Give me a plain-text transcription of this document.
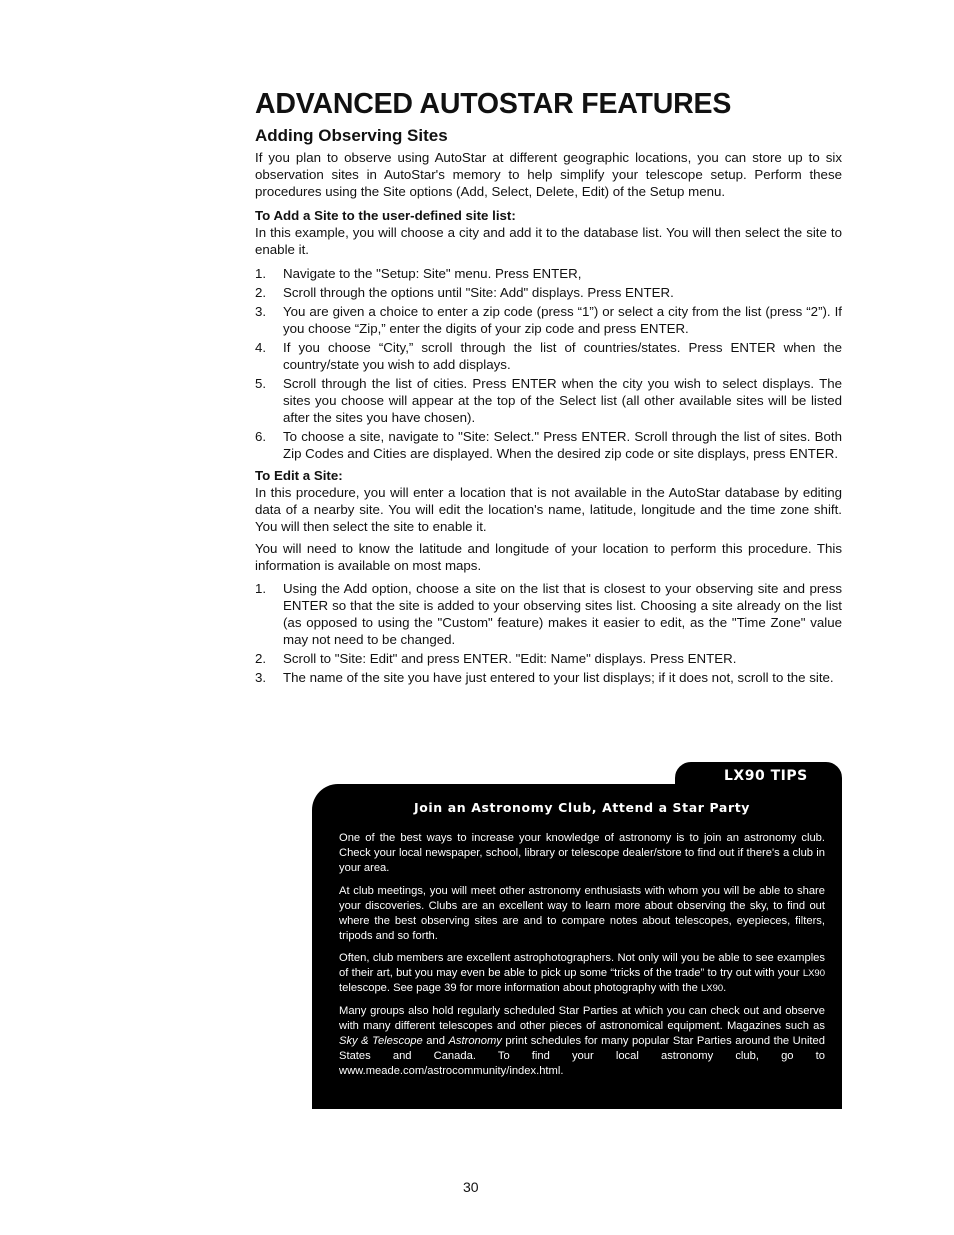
ADVANCED AUTOSTAR FEATURES
Adding Observing Sites

If you plan to observe using AutoStar at different geographic locations, you can store up to six observation sites in AutoStar's memory to help simplify your telescope setup. Perform these procedures using the Site options (Add, Select, Delete, Edit) of the Setup menu.

To Add a Site to the user-defined site list:
In this example, you will choose a city and add it to the database list. You will then select the site to enable it.
1. Navigate to the "Setup: Site" menu. Press ENTER,
2. Scroll through the options until "Site: Add" displays. Press ENTER.
3. You are given a choice to enter a zip code (press “1”) or select a city from the list (press “2”). If you choose “Zip,” enter the digits of your zip code and press ENTER.
4. If you choose “City,” scroll through the list of countries/states. Press ENTER when the country/state you wish to add displays.
5. Scroll through the list of cities. Press ENTER when the city you wish to select displays. The sites you choose will appear at the top of the Select list (all other available sites will be listed after the sites you have chosen).
6. To choose a site, navigate to "Site: Select." Press ENTER. Scroll through the list of sites. Both Zip Codes and Cities are displayed. When the desired zip code or site displays, press ENTER.
To Edit a Site:
In this procedure, you will enter a location that is not available in the AutoStar database by editing data of a nearby site. You will edit the location's name, latitude, longitude and the time zone shift. You will then select the site to enable it.

You will need to know the latitude and longitude of your location to perform this procedure. This information is available on most maps.

1. Using the Add option, choose a site on the list that is closest to your observing site and press ENTER so that the site is added to your observing sites list. Choosing a site already on the list (as opposed to using the "Custom" feature) makes it easier to edit, as the "Time Zone" value may not need to be changed.
2. Scroll to "Site: Edit" and press ENTER. "Edit: Name" displays. Press ENTER.
3. The name of the site you have just entered to your list displays; if it does not, scroll to the site.
LX90 TIPS
Join an Astronomy Club, Attend a Star Party

One of the best ways to increase your knowledge of astronomy is to join an astronomy club. Check your local newspaper, school, library or telescope dealer/store to find out if there's a club in your area.

At club meetings, you will meet other astronomy enthusiasts with whom you will be able to share your discoveries. Clubs are an excellent way to learn more about observing the sky, to find out where the best observing sites are and to compare notes about telescopes, eyepieces, filters, tripods and so forth.

Often, club members are excellent astrophotographers. Not only will you be able to see examples of their art, but you may even be able to pick up some “tricks of the trade” to try out with your LX90 telescope. See page 39 for more information about photography with the LX90.

Many groups also hold regularly scheduled Star Parties at which you can check out and observe with many different telescopes and other pieces of astronomical equipment. Magazines such as Sky & Telescope and Astronomy print schedules for many popular Star Parties around the United States and Canada. To find your local astronomy club, go to www.meade.com/astrocommunity/index.html.

30
